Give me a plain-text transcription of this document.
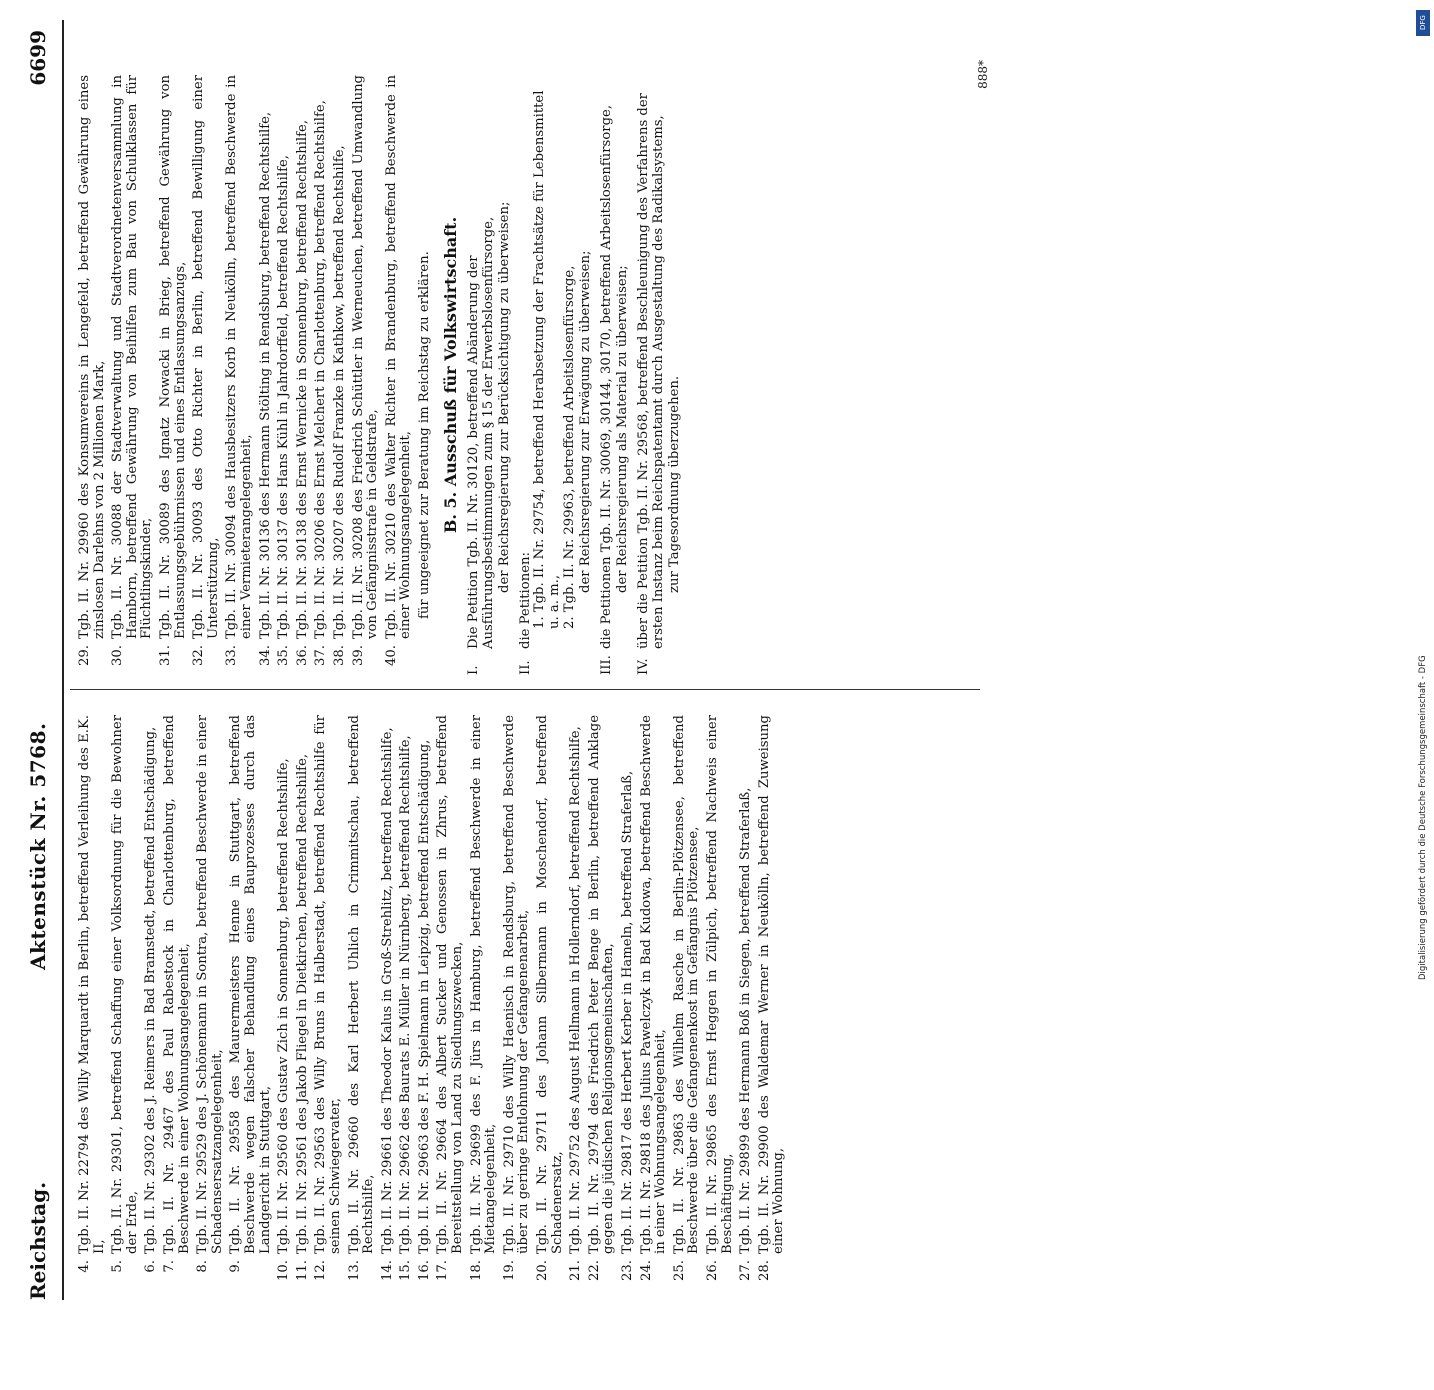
Reichstag.
Aktenstück Nr. 5768.
6699
4.
Tgb. II. Nr. 22794 des Willy Marquardt in Berlin, betreffend Verleihung des E.K. II,
5.
Tgb. II. Nr. 29301, betreffend Schaffung einer Volksordnung für die Bewohner der Erde,
6.
Tgb. II. Nr. 29302 des J. Reimers in Bad Bramstedt, betreffend Entschädigung,
7.
Tgb. II. Nr. 29467 des Paul Rabestock in Charlottenburg, betreffend Beschwerde in einer Wohnungsangelegenheit,
8.
Tgb. II. Nr. 29529 des J. Schönemann in Sontra, betreffend Beschwerde in einer Schadensersatzangelegenheit,
9.
Tgb. II. Nr. 29558 des Maurermeisters Henne in Stuttgart, betreffend Beschwerde wegen falscher Behandlung eines Bauprozesses durch das Landgericht in Stuttgart,
10.
Tgb. II. Nr. 29560 des Gustav Zich in Sonnenburg, betreffend Rechtshilfe,
11.
Tgb. II. Nr. 29561 des Jakob Fliegel in Dietkirchen, betreffend Rechtshilfe,
12.
Tgb. II. Nr. 29563 des Willy Bruns in Halberstadt, betreffend Rechtshilfe für seinen Schwiegervater,
13.
Tgb. II. Nr. 29660 des Karl Herbert Uhlich in Crimmitschau, betreffend Rechtshilfe,
14.
Tgb. II. Nr. 29661 des Theodor Kalus in Groß-Strehlitz, betreffend Rechtshilfe,
15.
Tgb. II. Nr. 29662 des Baurats E. Müller in Nürnberg, betreffend Rechtshilfe,
16.
Tgb. II. Nr. 29663 des F. H. Spielmann in Leipzig, betreffend Entschädigung,
17.
Tgb. II. Nr. 29664 des Albert Sucker und Genossen in Zhrus, betreffend Bereitstellung von Land zu Siedlungszwecken,
18.
Tgb. II. Nr. 29699 des F. Jürs in Hamburg, betreffend Beschwerde in einer Mietangelegenheit,
19.
Tgb. II. Nr. 29710 des Willy Haenisch in Rendsburg, betreffend Beschwerde über zu geringe Entlohnung der Gefangenenarbeit,
20.
Tgb. II. Nr. 29711 des Johann Silbermann in Moschendorf, betreffend Schadenersatz,
21.
Tgb. II. Nr. 29752 des August Hellmann in Hollerndorf, betreffend Rechtshilfe,
22.
Tgb. II. Nr. 29794 des Friedrich Peter Benge in Berlin, betreffend Anklage gegen die jüdischen Religionsgemeinschaften,
23.
Tgb. II. Nr. 29817 des Herbert Kerber in Hameln, betreffend Straferlaß,
24.
Tgb. II. Nr. 29818 des Julius Pawelczyk in Bad Kudowa, betreffend Beschwerde in einer Wohnungsangelegenheit,
25.
Tgb. II. Nr. 29863 des Wilhelm Rasche in Berlin-Plötzensee, betreffend Beschwerde über die Gefangenenkost im Gefängnis Plötzensee,
26.
Tgb. II. Nr. 29865 des Ernst Heggen in Zülpich, betreffend Nachweis einer Beschäftigung,
27.
Tgb. II. Nr. 29899 des Hermann Boß in Siegen, betreffend Straferlaß,
28.
Tgb. II. Nr. 29900 des Waldemar Werner in Neukölln, betreffend Zuweisung einer Wohnung,
29.
Tgb. II. Nr. 29960 des Konsumvereins in Lengefeld, betreffend Gewährung eines zinslosen Darlehns von 2 Millionen Mark,
30.
Tgb. II. Nr. 30088 der Stadtverwaltung und Stadtverordnetenversammlung in Hamborn, betreffend Gewährung von Beihilfen zum Bau von Schulklassen für Flüchtlingskinder,
31.
Tgb. II. Nr. 30089 des Ignatz Nowacki in Brieg, betreffend Gewährung von Entlassungsgebührnissen und eines Entlassungsanzugs,
32.
Tgb. II. Nr. 30093 des Otto Richter in Berlin, betreffend Bewilligung einer Unterstützung,
33.
Tgb. II. Nr. 30094 des Hausbesitzers Korb in Neukölln, betreffend Beschwerde in einer Vermieterangelegenheit,
34.
Tgb. II. Nr. 30136 des Hermann Stölting in Rendsburg, betreffend Rechtshilfe,
35.
Tgb. II. Nr. 30137 des Hans Kühl in Jahrdorffeld, betreffend Rechtshilfe,
36.
Tgb. II. Nr. 30138 des Ernst Wernicke in Sonnenburg, betreffend Rechtshilfe,
37.
Tgb. II. Nr. 30206 des Ernst Melchert in Charlottenburg, betreffend Rechtshilfe,
38.
Tgb. II. Nr. 30207 des Rudolf Franzke in Kathkow, betreffend Rechtshilfe,
39.
Tgb. II. Nr. 30208 des Friedrich Schüttler in Werneuchen, betreffend Umwandlung von Gefängnisstrafe in Geldstrafe,
40.
Tgb. II. Nr. 30210 des Walter Richter in Brandenburg, betreffend Beschwerde in einer Wohnungsangelegenheit, für ungeeignet zur Beratung im Reichstag zu erklären. B. 5. Ausschuß für Volkswirtschaft.
I.
Die Petition Tgb. II. Nr. 30120, betreffend Abänderung der Ausführungsbestimmungen zum § 15 der Erwerbslosenfürsorge, der Reichsregierung zur Berücksichtigung zu überweisen;
II.
die Petitionen: 1. Tgb. II. Nr. 29754, betreffend Herabsetzung der Frachtsätze für Lebensmittel u. a. m., 2. Tgb. II. Nr. 29963, betreffend Arbeitslosenfürsorge, der Reichsregierung zur Erwägung zu überweisen;
III.
die Petitionen Tgb. II. Nr. 30069, 30144, 30170, betreffend Arbeitslosenfürsorge, der Reichsregierung als Material zu überweisen;
IV.
über die Petition Tgb. II. Nr. 29568, betreffend Beschleunigung des Verfahrens der ersten Instanz beim Reichspatentamt durch Ausgestaltung des Radikalsystems, zur Tagesordnung überzugehen.
888*
DFG
Digitalisierung gefördert durch die Deutsche Forschungsgemeinschaft - DFG
